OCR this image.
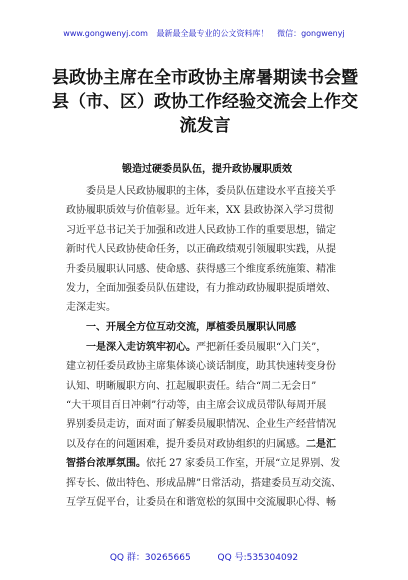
www.gongwenyj.com 最新最全最专业的公文资料库！ 微信：gongwenyj
县政协主席在全市政协主席暑期读书会暨
县（市、区）政协工作经验交流会上作交
流发言
锻造过硬委员队伍，提升政协履职质效

委员是人民政协履职的主体，委员队伍建设水平直接关乎
政协履职质效与价值彰显。近年来，XX 县政协深入学习贯彻
习近平总书记关于加强和改进人民政协工作的重要思想，锚定
新时代人民政协使命任务，以正确政绩观引领履职实践，从提
升委员履职认同感、使命感、获得感三个维度系统施策、精准
发力，全面加强委员队伍建设，有力推动政协履职提质增效、
走深走实。

一、开展全方位互动交流，厚植委员履职认同感

一是深入走访筑牢初心。严把新任委员履职“入门关”，
建立初任委员政协主席集体谈心谈话制度，助其快速转变身份
认知、明晰履职方向、扛起履职责任。结合“周二无会日”
“大干项目百日冲刺”行动等，由主席会议成员带队每周开展
界别委员走访，面对面了解委员履职情况、企业生产经营情况
以及存在的问题困难，提升委员对政协组织的归属感。二是汇
智搭台浓厚氛围。依托 27 家委员工作室，开展“立足界别、发
挥专长、做出特色、形成品牌”日常活动，搭建委员互动交流、
互学互促平台，让委员在和谐宽松的氛围中交流履职心得、畅

QQ 群：30265665	QQ 号:535304092
